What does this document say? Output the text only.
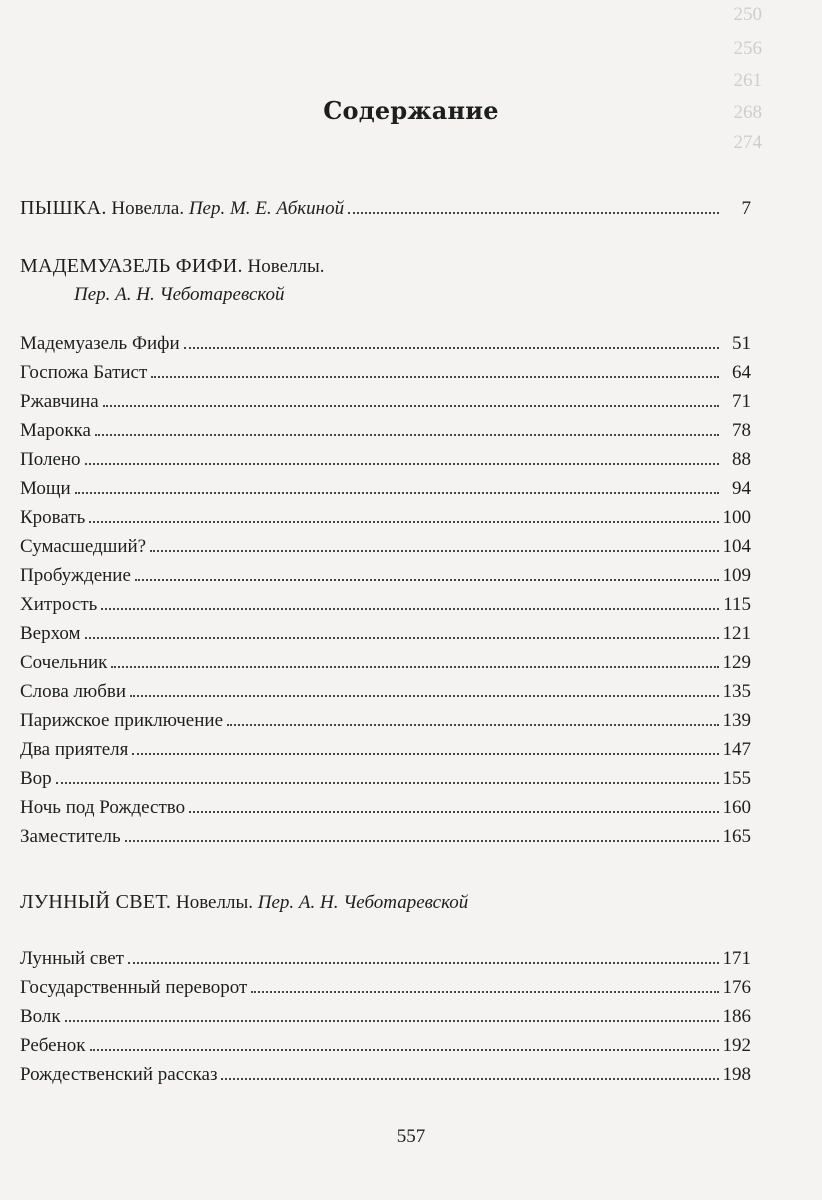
250
256
261
268
274
Содержание
ПЫШКА. Новелла. Пер. М. Е. Абкиной	7
МАДЕМУАЗЕЛЬ ФИФИ. Новеллы.
Пер. А. Н. Чеботаревской
Мадемуазель Фифи	51
Госпожа Батист	64
Ржавчина	71
Марокка	78
Полено	88
Мощи	94
Кровать	100
Сумасшедший?	104
Пробуждение	109
Хитрость	115
Верхом	121
Сочельник	129
Слова любви	135
Парижское приключение	139
Два приятеля	147
Вор	155
Ночь под Рождество	160
Заместитель	165
ЛУННЫЙ СВЕТ. Новеллы. Пер. А. Н. Чеботаревской
Лунный свет	171
Государственный переворот	176
Волк	186
Ребенок	192
Рождественский рассказ	198
557
